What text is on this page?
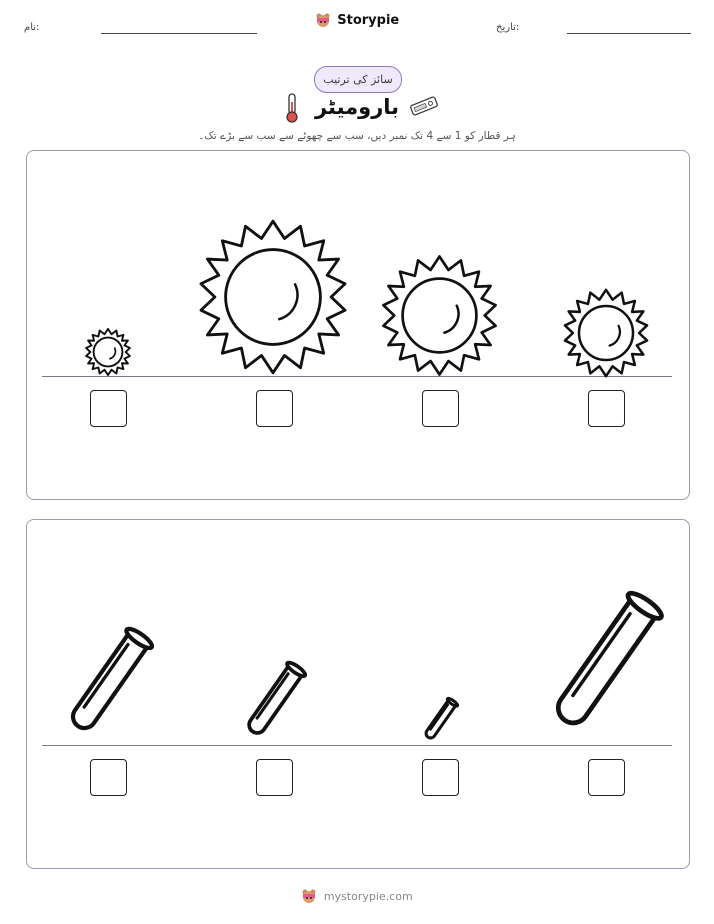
نام:	Storypie	تاریخ:
سائز کی ترتیب
بارومیٹر
ہر قطار کو 1 سے 4 تک نمبر دیں، سب سے چھوٹے سے سب سے بڑے تک۔
mystorypie.com
